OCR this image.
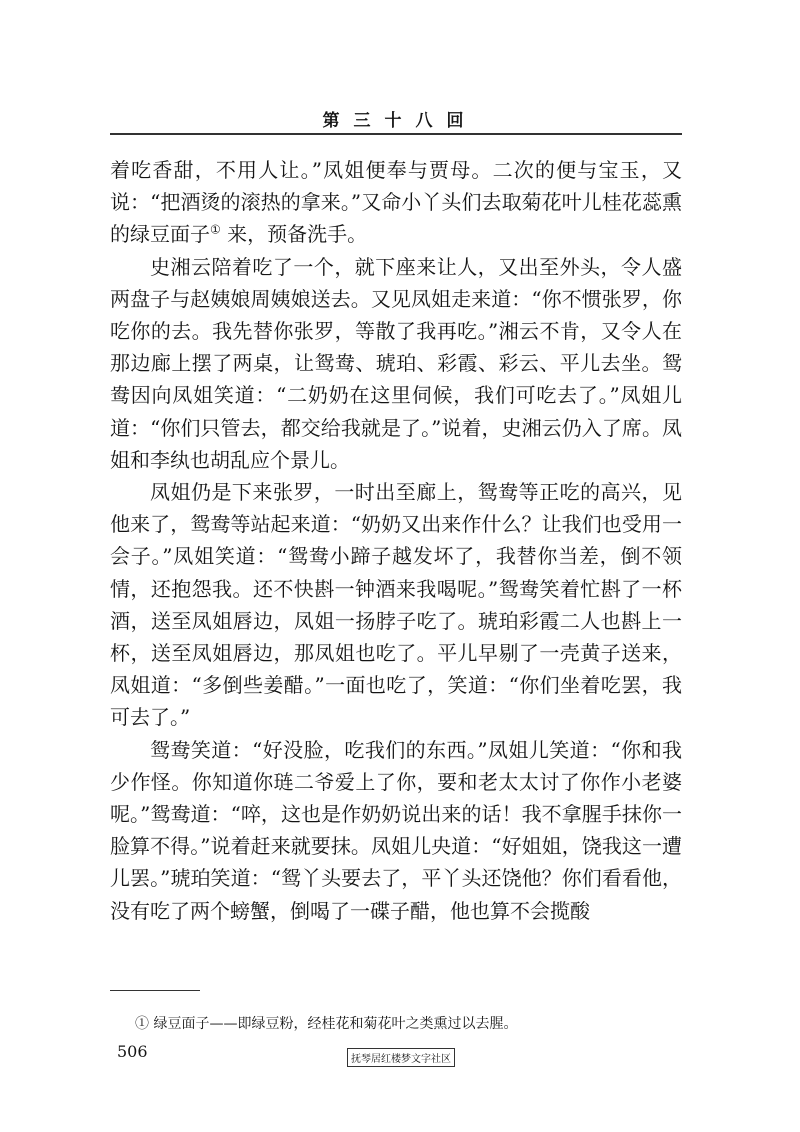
第三十八回

着吃香甜，不用人让。”凤姐便奉与贾母。二次的便与宝玉，又说：“把酒烫的滚热的拿来。”又命小丫头们去取菊花叶儿桂花蕊熏的绿豆面子① 来，预备洗手。

史湘云陪着吃了一个，就下座来让人，又出至外头，令人盛两盘子与赵姨娘周姨娘送去。又见凤姐走来道：“你不惯张罗，你吃你的去。我先替你张罗，等散了我再吃。”湘云不肯，又令人在那边廊上摆了两桌，让鸳鸯、琥珀、彩霞、彩云、平儿去坐。鸳鸯因向凤姐笑道：“二奶奶在这里伺候，我们可吃去了。”凤姐儿道：“你们只管去，都交给我就是了。”说着，史湘云仍入了席。凤姐和李纨也胡乱应个景儿。

凤姐仍是下来张罗，一时出至廊上，鸳鸯等正吃的高兴，见他来了，鸳鸯等站起来道：“奶奶又出来作什么？让我们也受用一会子。”凤姐笑道：“鸳鸯小蹄子越发坏了，我替你当差，倒不领情，还抱怨我。还不快斟一钟酒来我喝呢。”鸳鸯笑着忙斟了一杯酒，送至凤姐唇边，凤姐一扬脖子吃了。琥珀彩霞二人也斟上一杯，送至凤姐唇边，那凤姐也吃了。平儿早剔了一壳黄子送来，凤姐道：“多倒些姜醋。”一面也吃了，笑道：“你们坐着吃罢，我可去了。”

鸳鸯笑道：“好没脸，吃我们的东西。”凤姐儿笑道：“你和我少作怪。你知道你琏二爷爱上了你，要和老太太讨了你作小老婆呢。”鸳鸯道：“啐，这也是作奶奶说出来的话！我不拿腥手抹你一脸算不得。”说着赶来就要抹。凤姐儿央道：“好姐姐，饶我这一遭儿罢。”琥珀笑道：“鸳丫头要去了，平丫头还饶他？你们看看他，没有吃了两个螃蟹，倒喝了一碟子醋，他也算不会揽酸

① 绿豆面子——即绿豆粉，经桂花和菊花叶之类熏过以去腥。
506	抚琴居红楼梦文字社区
